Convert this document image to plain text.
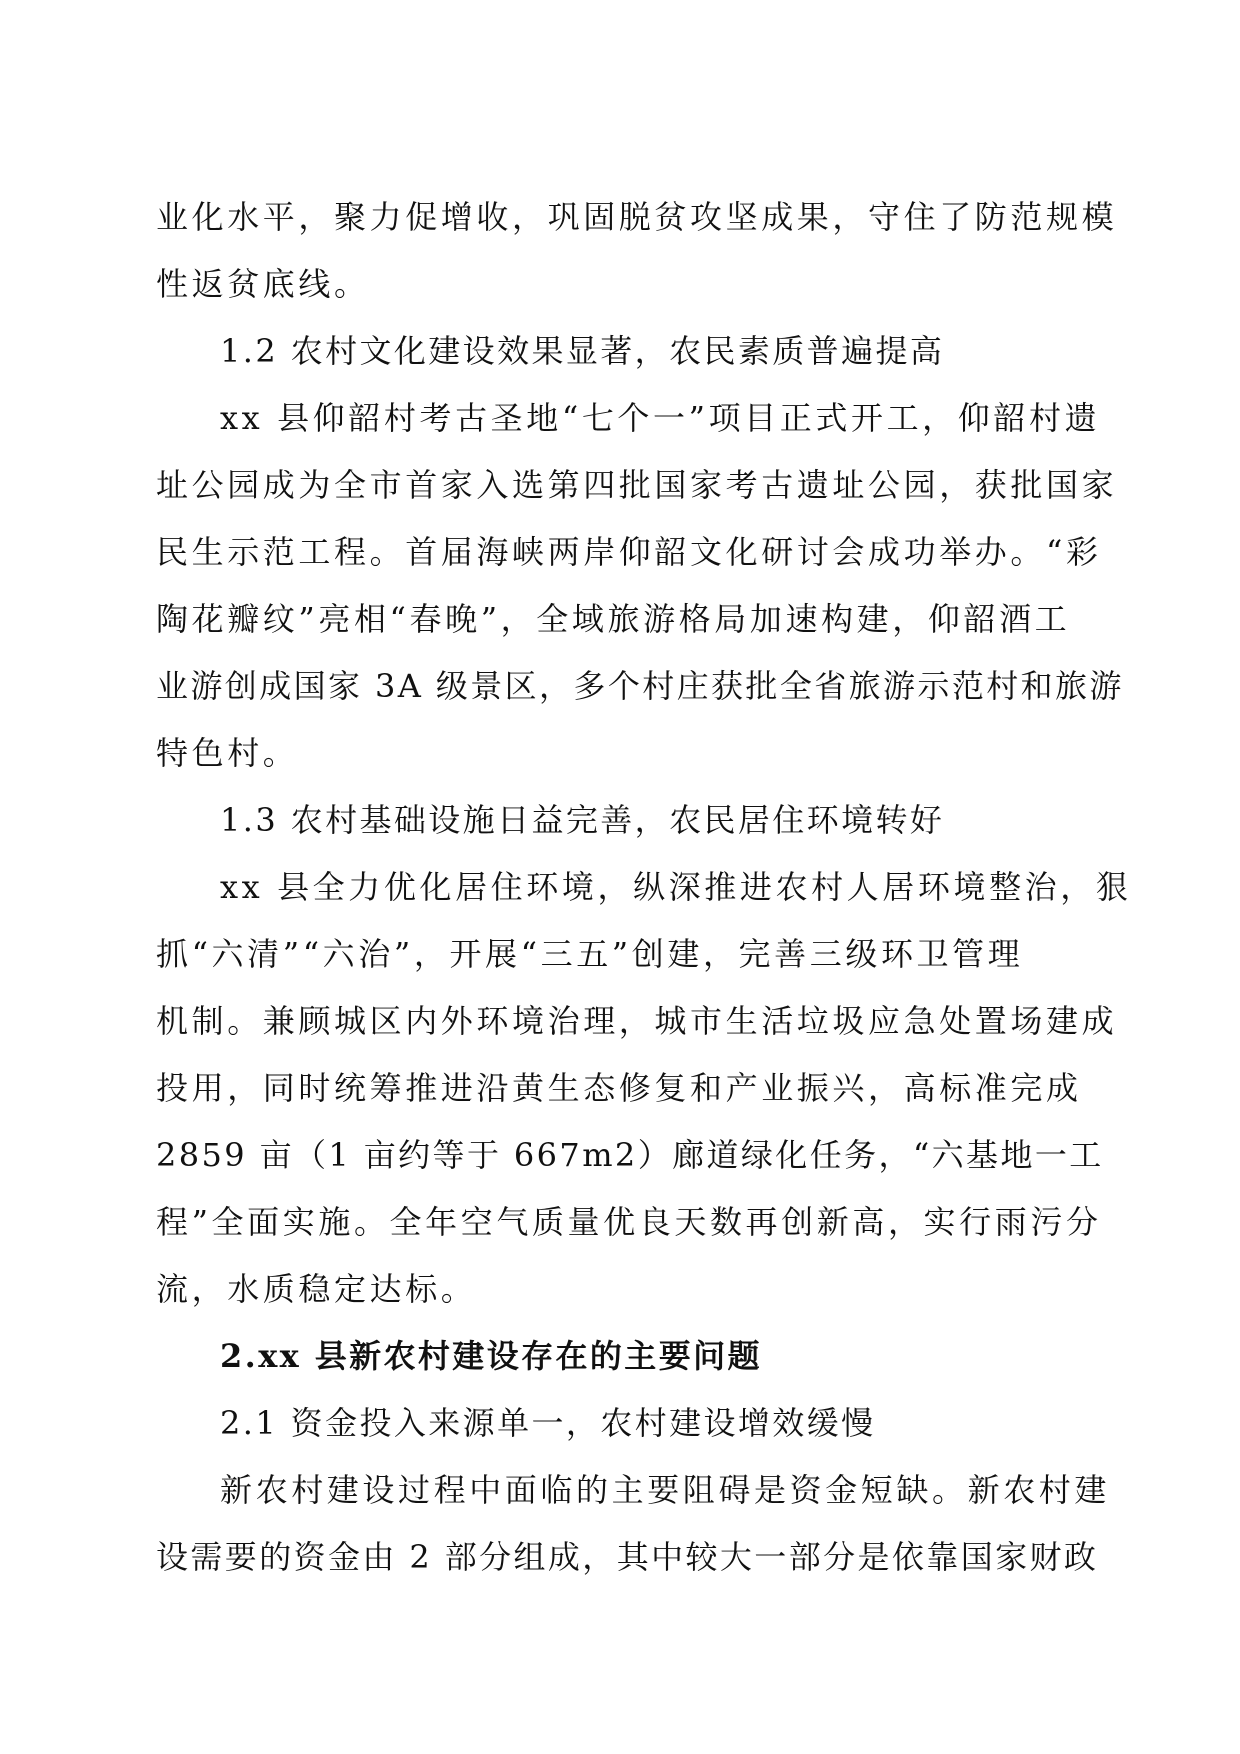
业化水平，聚力促增收，巩固脱贫攻坚成果，守住了防范规模
性返贫底线。
1.2 农村文化建设效果显著，农民素质普遍提高
xx 县仰韶村考古圣地“七个一”项目正式开工，仰韶村遗
址公园成为全市首家入选第四批国家考古遗址公园，获批国家
民生示范工程。首届海峡两岸仰韶文化研讨会成功举办。“彩
陶花瓣纹”亮相“春晚”，全域旅游格局加速构建，仰韶酒工
业游创成国家 3A 级景区，多个村庄获批全省旅游示范村和旅游
特色村。
1.3 农村基础设施日益完善，农民居住环境转好
xx 县全力优化居住环境，纵深推进农村人居环境整治，狠
抓“六清”“六治”，开展“三五”创建，完善三级环卫管理
机制。兼顾城区内外环境治理，城市生活垃圾应急处置场建成
投用，同时统筹推进沿黄生态修复和产业振兴，高标准完成
2859 亩（1 亩约等于 667m2）廊道绿化任务，“六基地一工
程”全面实施。全年空气质量优良天数再创新高，实行雨污分
流，水质稳定达标。
2.xx 县新农村建设存在的主要问题
2.1 资金投入来源单一，农村建设增效缓慢
新农村建设过程中面临的主要阻碍是资金短缺。新农村建
设需要的资金由 2 部分组成，其中较大一部分是依靠国家财政
